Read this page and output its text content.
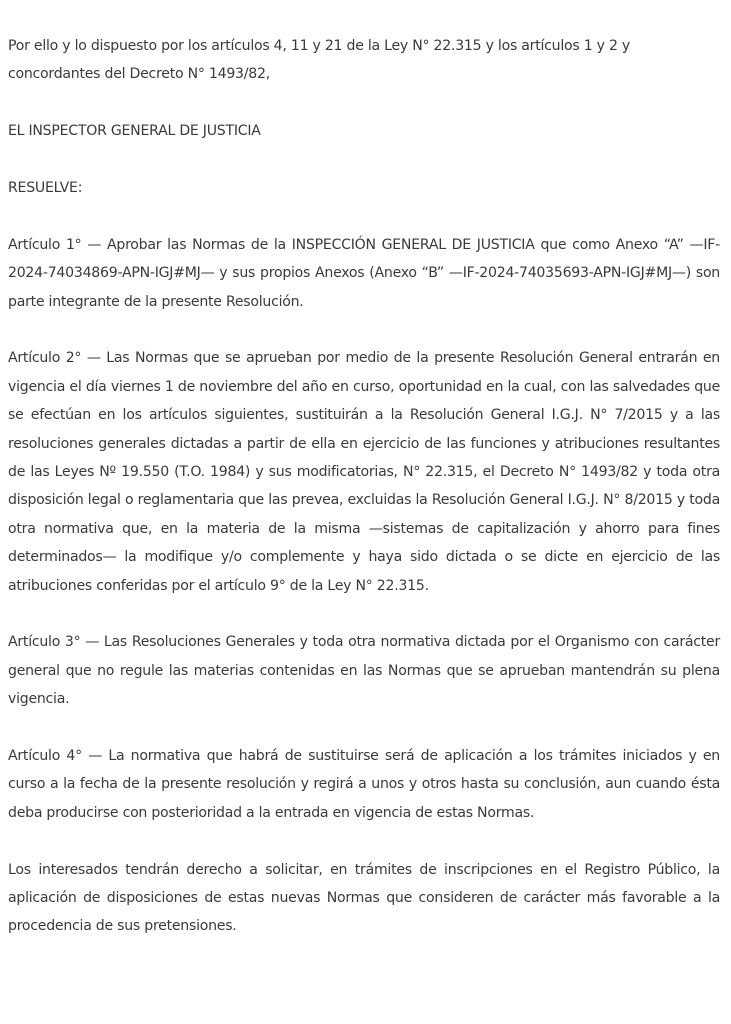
Por ello y lo dispuesto por los artículos 4, 11 y 21 de la Ley N° 22.315 y los artículos 1 y 2 y concordantes del Decreto N° 1493/82,

EL INSPECTOR GENERAL DE JUSTICIA

RESUELVE:

Artículo 1° — Aprobar las Normas de la INSPECCIÓN GENERAL DE JUSTICIA que como Anexo “A” —IF-2024-74034869-APN-IGJ#MJ— y sus propios Anexos (Anexo “B” —IF-2024-74035693-APN-IGJ#MJ—) son parte integrante de la presente Resolución.

Artículo 2° — Las Normas que se aprueban por medio de la presente Resolución General entrarán en vigencia el día viernes 1 de noviembre del año en curso, oportunidad en la cual, con las salvedades que se efectúan en los artículos siguientes, sustituirán a la Resolución General I.G.J. N° 7/2015 y a las resoluciones generales dictadas a partir de ella en ejercicio de las funciones y atribuciones resultantes de las Leyes Nº 19.550 (T.O. 1984) y sus modificatorias, N° 22.315, el Decreto N° 1493/82 y toda otra disposición legal o reglamentaria que las prevea, excluidas la Resolución General I.G.J. N° 8/2015 y toda otra normativa que, en la materia de la misma —sistemas de capitalización y ahorro para fines determinados— la modifique y/o complemente y haya sido dictada o se dicte en ejercicio de las atribuciones conferidas por el artículo 9° de la Ley N° 22.315.

Artículo 3° — Las Resoluciones Generales y toda otra normativa dictada por el Organismo con carácter general que no regule las materias contenidas en las Normas que se aprueban mantendrán su plena vigencia.

Artículo 4° — La normativa que habrá de sustituirse será de aplicación a los trámites iniciados y en curso a la fecha de la presente resolución y regirá a unos y otros hasta su conclusión, aun cuando ésta deba producirse con posterioridad a la entrada en vigencia de estas Normas.

Los interesados tendrán derecho a solicitar, en trámites de inscripciones en el Registro Público, la aplicación de disposiciones de estas nuevas Normas que consideren de carácter más favorable a la procedencia de sus pretensiones.
